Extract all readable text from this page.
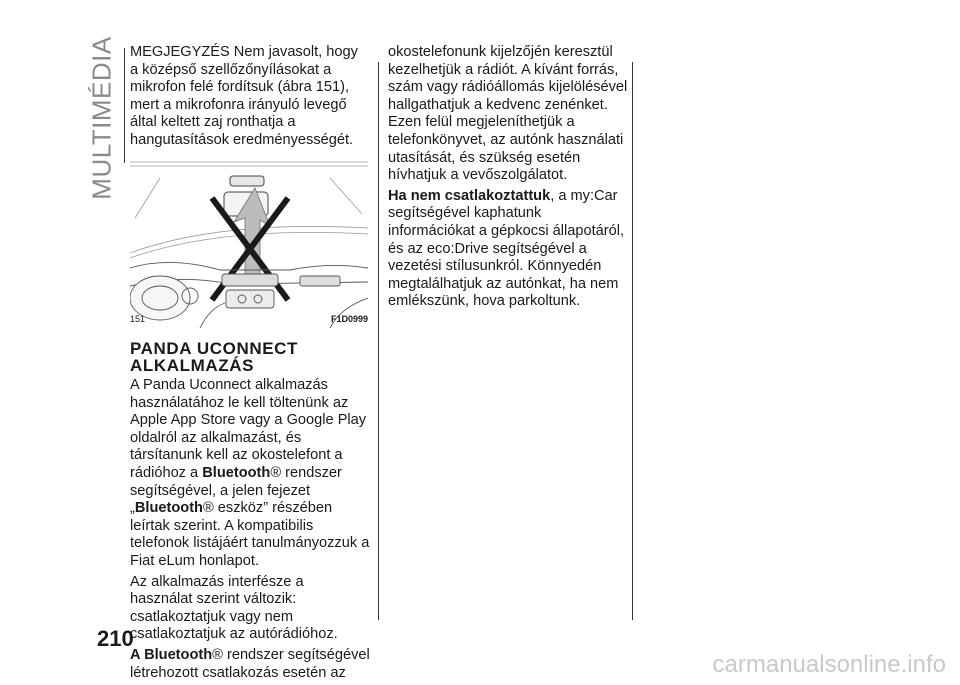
MULTIMÉDIA MEGJEGYZÉS Nem javasolt, hogy a középső szellőzőnyílásokat a mikrofon felé fordítsuk (ábra 151), mert a mikrofonra irányuló levegő által keltett zaj ronthatja a hangutasítások eredményességét.

151	F1D0999
PANDA UCONNECT
ALKALMAZÁS

A Panda Uconnect alkalmazás használatához le kell töltenünk az Apple App Store vagy a Google Play oldalról az alkalmazást, és társítanunk kell az okostelefont a rádióhoz a Bluetooth® rendszer segítségével, a jelen fejezet „Bluetooth® eszköz” részében leírtak szerint. A kompatibilis telefonok listájáért tanulmányozzuk a Fiat eLum honlapot.

Az alkalmazás interfésze a használat szerint változik: csatlakoztatjuk vagy nem csatlakoztatjuk az autórádióhoz.

A Bluetooth® rendszer segítségével létrehozott csatlakozás esetén az

okostelefonunk kijelzőjén keresztül kezelhetjük a rádiót. A kívánt forrás, szám vagy rádióállomás kijelölésével hallgathatjuk a kedvenc zenénket. Ezen felül megjeleníthetjük a telefonkönyvet, az autónk használati utasítását, és szükség esetén hívhatjuk a vevőszolgálatot.

Ha nem csatlakoztattuk, a my:Car segítségével kaphatunk információkat a gépkocsi állapotáról, és az eco:Drive segítségével a vezetési stílusunkról. Könnyedén megtalálhatjuk az autónkat, ha nem emlékszünk, hova parkoltunk.

210
carmanualsonline.info
